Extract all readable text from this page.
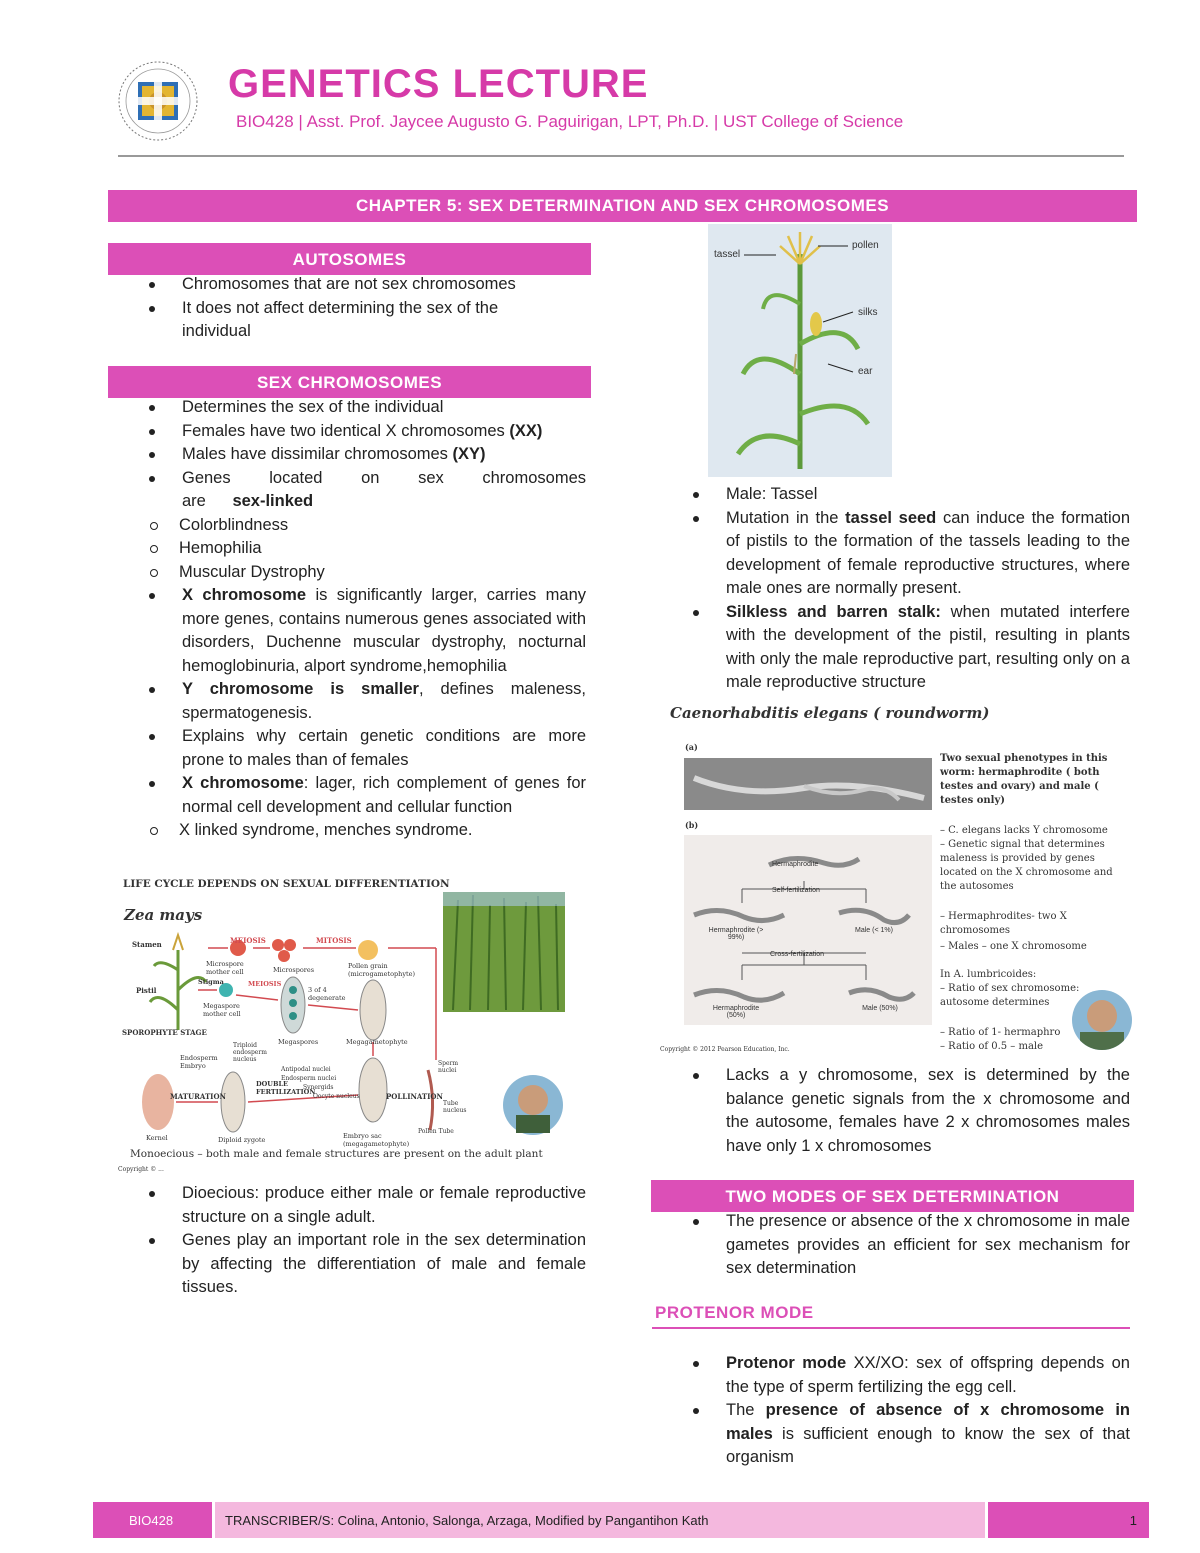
GENETICS LECTURE
BIO428 | Asst. Prof. Jaycee Augusto G. Paguirigan, LPT, Ph.D. | UST College of Science
CHAPTER 5: SEX DETERMINATION AND SEX CHROMOSOMES
AUTOSOMES
Chromosomes that are not sex chromosomes
It does not affect determining the sex of the individual
SEX CHROMOSOMES
Determines the sex of the individual
Females have two identical X chromosomes (XX)
Males have dissimilar chromosomes (XY)
Genes located on sex chromosomes are sex-linked
Colorblindness
Hemophilia
Muscular Dystrophy
X chromosome is significantly larger, carries many more genes, contains numerous genes associated with disorders, Duchenne muscular dystrophy, nocturnal hemoglobinuria, alport syndrome,hemophilia
Y chromosome is smaller, defines maleness, spermatogenesis.
Explains why certain genetic conditions are more prone to males than of females
X chromosome: lager, rich complement of genes for normal cell development and cellular function
X linked syndrome, menches syndrome.
LIFE CYCLE DEPENDS ON SEXUAL DIFFERENTIATION
Zea mays
Stamen	MEIOSIS	MITOSIS
Microspore mother cell	Microspores	Pollen grain (microgametophyte)
Pistil
Stigma
Megaspore mother cell
MEIOSIS
3 of 4 degenerate
Megaspores	Megagametophyte
SPOROPHYTE STAGE
Endosperm Embryo
Triploid endosperm nucleus
Antipodal nuclei
Endosperm nuclei
Synergids
Oocyte nucleus
Sperm nuclei
Tube nucleus
Pollen Tube
MATURATION
DOUBLE FERTILIZATION	POLLINATION
Kernel	Diploid zygote	Embryo sac (megagametophyte)
Monoecious – both male and female structures are present on the adult plant
Copyright © ...
Dioecious: produce either male or female reproductive structure on a single adult.
Genes play an important role in the sex determination by affecting the differentiation of male and female tissues.
tassel
pollen
silks
ear
Male: Tassel
Mutation in the tassel seed can induce the formation of pistils to the formation of the tassels leading to the development of female reproductive structures, where male ones are normally present.
Silkless and barren stalk: when mutated interfere with the development of the pistil, resulting in plants with only the male reproductive part, resulting only on a male reproductive structure
Caenorhabditis elegans ( roundworm)
(a)
(b)
Hermaphrodite
Self-fertilization
Hermaphrodite (> 99%)
Male (< 1%)
Cross-fertilization
Hermaphrodite (50%)
Male (50%)
Two sexual phenotypes in this worm: hermaphrodite ( both testes and ovary) and male ( testes only)
– C. elegans lacks Y chromosome
– Genetic signal that determines maleness is provided by genes located on the X chromosome and the autosomes
– Hermaphrodites- two X chromosomes
– Males – one X chromosome
In A. lumbricoides:
– Ratio of sex chromosome: autosome determines
– Ratio of 1- hermaphro
– Ratio of 0.5 – male
Copyright © 2012 Pearson Education, Inc.
Lacks a y chromosome, sex is determined by the balance genetic signals from the x chromosome and the autosome, females have 2 x chromosomes males have only 1 x chromosomes
TWO MODES OF SEX DETERMINATION
The presence or absence of the x chromosome in male gametes provides an efficient for sex mechanism for sex determination
PROTENOR MODE
Protenor mode XX/XO: sex of offspring depends on the type of sperm fertilizing the egg cell.
The presence of absence of x chromosome in males is sufficient enough to know the sex of that organism
BIO428	TRANSCRIBER/S: Colina, Antonio, Salonga, Arzaga, Modified by Pangantihon Kath	1
